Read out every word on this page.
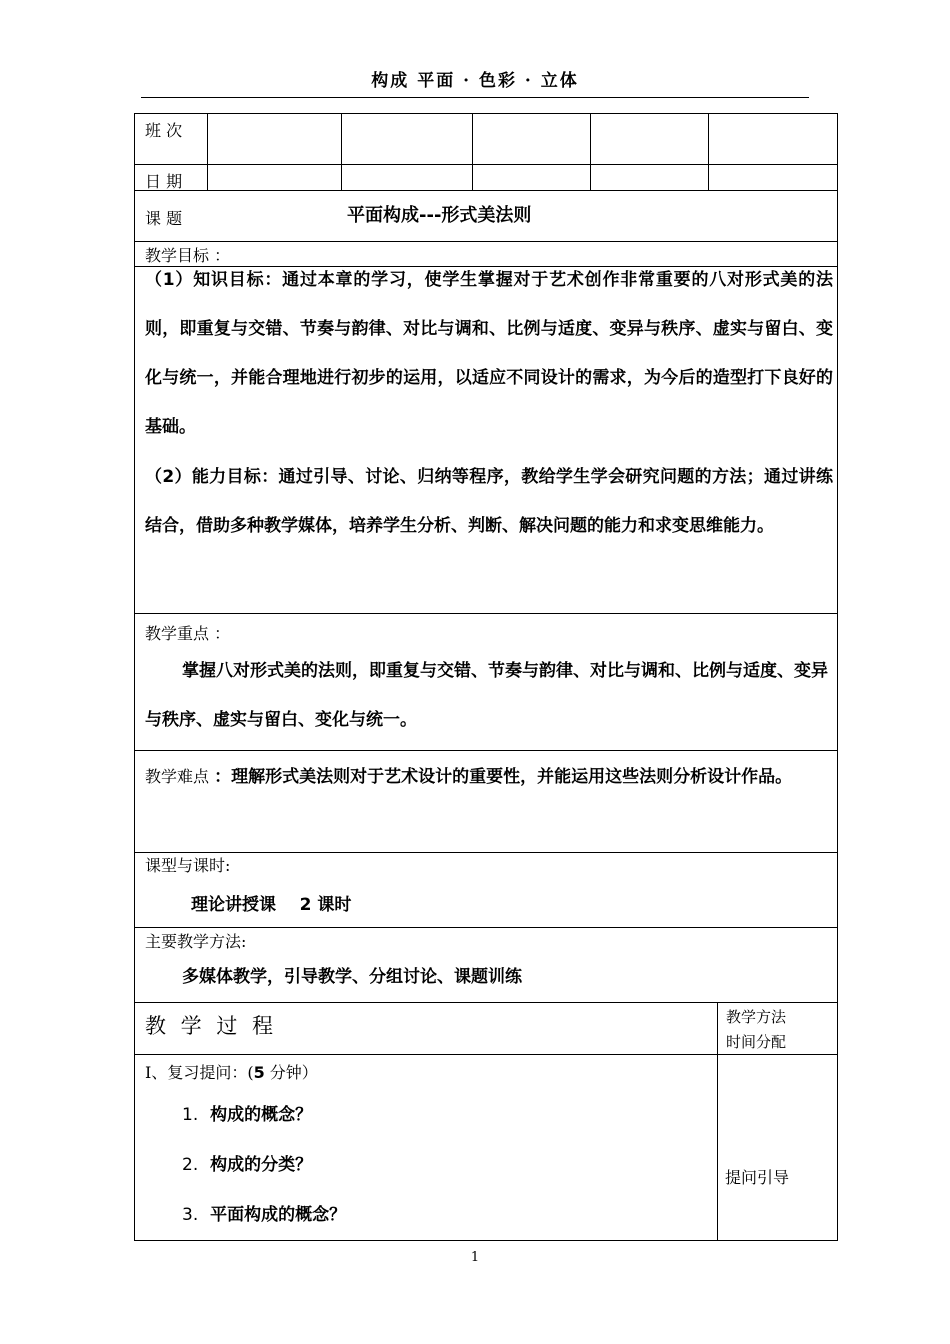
构成 平面 · 色彩 · 立体
班 次
日 期
课 题	平面构成---形式美法则
教学目标 ：
（1）知识目标：通过本章的学习，使学生掌握对于艺术创作非常重要的八对形式美的法则，即重复与交错、节奏与韵律、对比与调和、比例与适度、变异与秩序、虚实与留白、变化与统一，并能合理地进行初步的运用，以适应不同设计的需求，为今后的造型打下良好的基础。
（2）能力目标：通过引导、讨论、归纳等程序，教给学生学会研究问题的方法；通过讲练结合，借助多种教学媒体，培养学生分析、判断、解决问题的能力和求变思维能力。
教学重点 ：
掌握八对形式美的法则，即重复与交错、节奏与韵律、对比与调和、比例与适度、变异与秩序、虚实与留白、变化与统一。
教学难点 ：理解形式美法则对于艺术设计的重要性，并能运用这些法则分析设计作品。
课型与课时:
理论讲授课    2 课时
主要教学方法:
多媒体教学，引导教学、分组讨论、课题训练
教 学 过 程	教学方法
时间分配
Ⅰ、复习提问：(5 分钟）
1. 构成的概念？
2. 构成的分类？
3. 平面构成的概念？
提问引导
1
